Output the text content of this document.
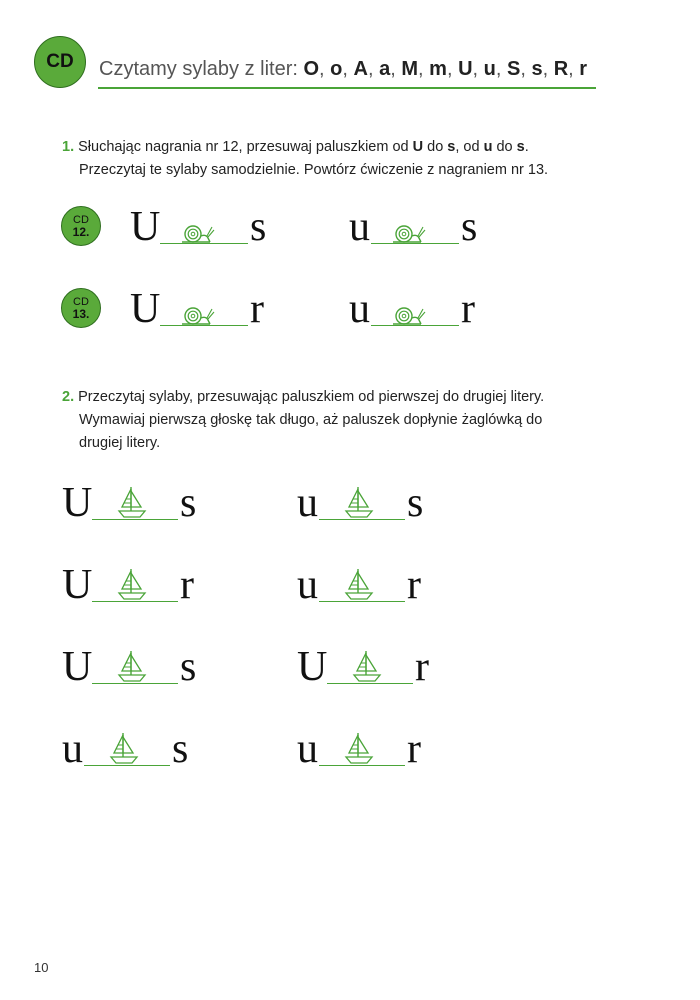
CD Czytamy sylaby z liter: O, o, A, a, M, m, U, u, S, s, R, r
1. Słuchając nagrania nr 12, przesuwaj paluszkiem od U do s, od u do s.
Przeczytaj te sylaby samodzielnie. Powtórz ćwiczenie z nagraniem nr 13.
CD
12. U s u s
CD
13. U r u r
2. Przeczytaj sylaby, przesuwając paluszkiem od pierwszej do drugiej litery.
Wymawiaj pierwszą głoskę tak długo, aż paluszek dopłynie żaglówką do
drugiej litery.
U s u s
U r u r
U s U r
u s	u r
10
